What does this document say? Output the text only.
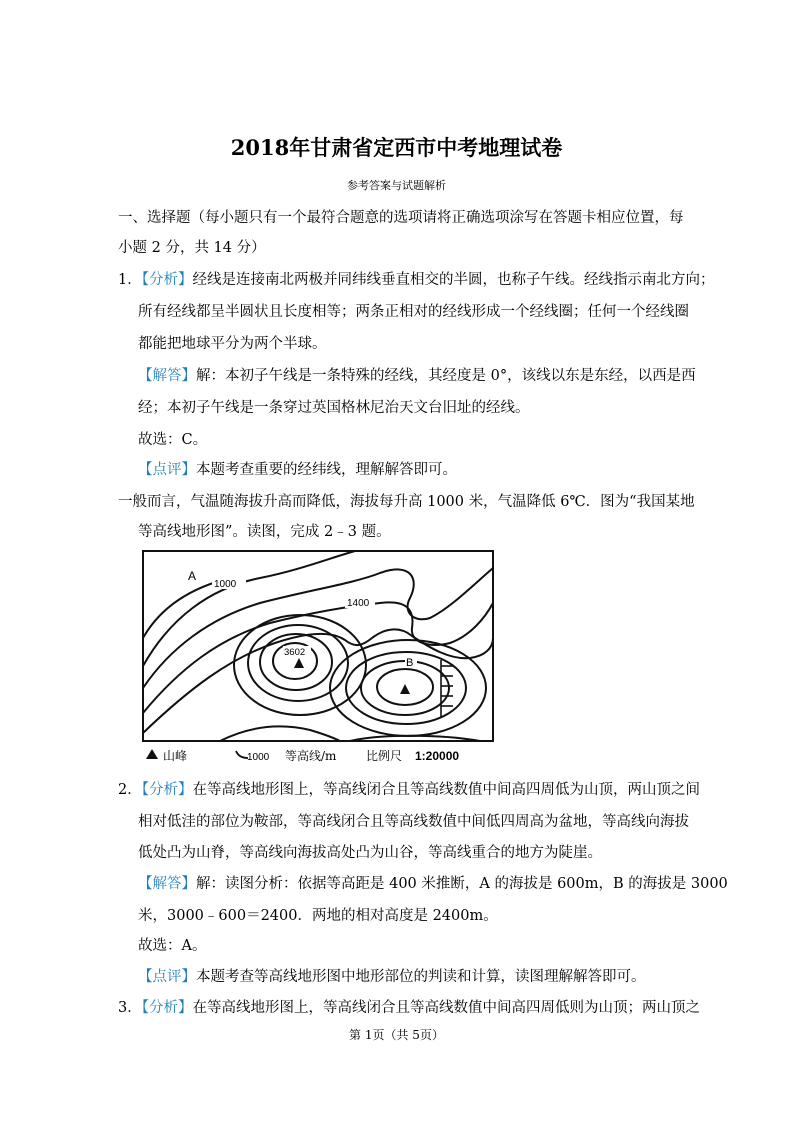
2018年甘肃省定西市中考地理试卷
参考答案与试题解析
一、选择题（每小题只有一个最符合题意的选项请将正确选项涂写在答题卡相应位置，每
小题 2 分，共 14 分）
1．【分析】经线是连接南北两极并同纬线垂直相交的半圆，也称子午线。经线指示南北方向；
所有经线都呈半圆状且长度相等；两条正相对的经线形成一个经线圈；任何一个经线圈
都能把地球平分为两个半球。
【解答】解：本初子午线是一条特殊的经线，其经度是 0°，该线以东是东经，以西是西
经；本初子午线是一条穿过英国格林尼治天文台旧址的经线。
故选：C。
【点评】本题考查重要的经纬线，理解解答即可。
一般而言，气温随海拔升高而降低，海拔每升高 1000 米，气温降低 6℃．图为“我国某地
等高线地形图”。读图，完成 2﹣3 题。
A
1000
1400
3602
B
山峰	1000 等高线/m 比例尺 1:20000
2．【分析】在等高线地形图上，等高线闭合且等高线数值中间高四周低为山顶，两山顶之间
相对低洼的部位为鞍部，等高线闭合且等高线数值中间低四周高为盆地，等高线向海拔
低处凸为山脊，等高线向海拔高处凸为山谷，等高线重合的地方为陡崖。
【解答】解：读图分析：依据等高距是 400 米推断，A 的海拔是 600m，B 的海拔是 3000
米，3000﹣600＝2400．两地的相对高度是 2400m。
故选：A。
【点评】本题考查等高线地形图中地形部位的判读和计算，读图理解解答即可。
3．【分析】在等高线地形图上，等高线闭合且等高线数值中间高四周低则为山顶；两山顶之
第 1页（共 5页）
